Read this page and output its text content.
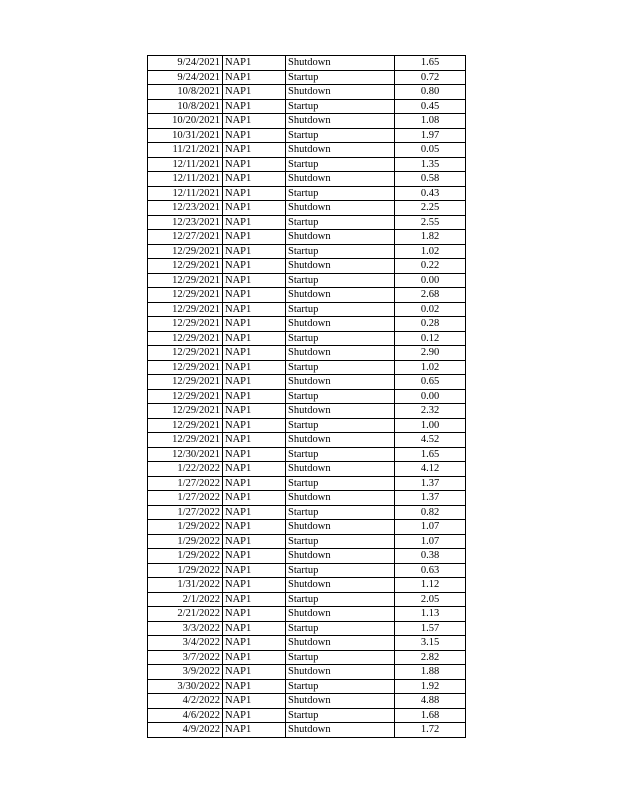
9/24/2021	NAP1	Shutdown	1.65
9/24/2021	NAP1	Startup	0.72
10/8/2021	NAP1	Shutdown	0.80
10/8/2021	NAP1	Startup	0.45
10/20/2021	NAP1	Shutdown	1.08
10/31/2021	NAP1	Startup	1.97
11/21/2021	NAP1	Shutdown	0.05
12/11/2021	NAP1	Startup	1.35
12/11/2021	NAP1	Shutdown	0.58
12/11/2021	NAP1	Startup	0.43
12/23/2021	NAP1	Shutdown	2.25
12/23/2021	NAP1	Startup	2.55
12/27/2021	NAP1	Shutdown	1.82
12/29/2021	NAP1	Startup	1.02
12/29/2021	NAP1	Shutdown	0.22
12/29/2021	NAP1	Startup	0.00
12/29/2021	NAP1	Shutdown	2.68
12/29/2021	NAP1	Startup	0.02
12/29/2021	NAP1	Shutdown	0.28
12/29/2021	NAP1	Startup	0.12
12/29/2021	NAP1	Shutdown	2.90
12/29/2021	NAP1	Startup	1.02
12/29/2021	NAP1	Shutdown	0.65
12/29/2021	NAP1	Startup	0.00
12/29/2021	NAP1	Shutdown	2.32
12/29/2021	NAP1	Startup	1.00
12/29/2021	NAP1	Shutdown	4.52
12/30/2021	NAP1	Startup	1.65
1/22/2022	NAP1	Shutdown	4.12
1/27/2022	NAP1	Startup	1.37
1/27/2022	NAP1	Shutdown	1.37
1/27/2022	NAP1	Startup	0.82
1/29/2022	NAP1	Shutdown	1.07
1/29/2022	NAP1	Startup	1.07
1/29/2022	NAP1	Shutdown	0.38
1/29/2022	NAP1	Startup	0.63
1/31/2022	NAP1	Shutdown	1.12
2/1/2022	NAP1	Startup	2.05
2/21/2022	NAP1	Shutdown	1.13
3/3/2022	NAP1	Startup	1.57
3/4/2022	NAP1	Shutdown	3.15
3/7/2022	NAP1	Startup	2.82
3/9/2022	NAP1	Shutdown	1.88
3/30/2022	NAP1	Startup	1.92
4/2/2022	NAP1	Shutdown	4.88
4/6/2022	NAP1	Startup	1.68
4/9/2022	NAP1	Shutdown	1.72
